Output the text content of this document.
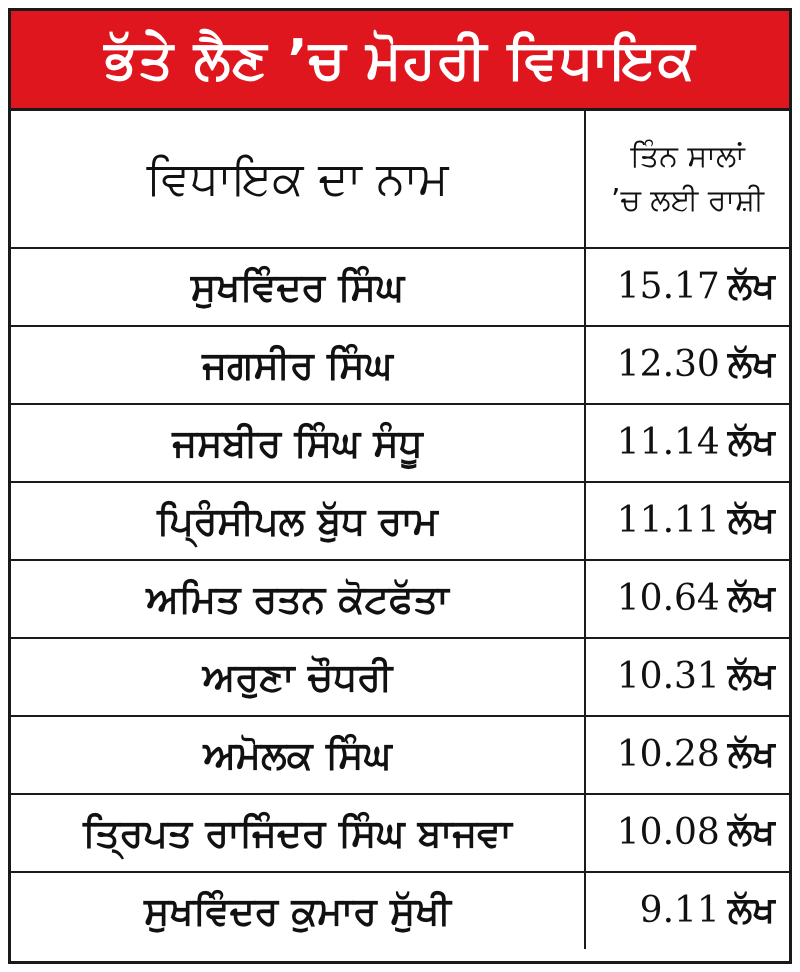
ਭੱਤੇ ਲੈਣ ’ਚ ਮੋਹਰੀ ਵਿਧਾਇਕ
ਵਿਧਾਇਕ ਦਾ ਨਾਮ	ਤਿੰਨ ਸਾਲਾਂ
’ਚ ਲਈ ਰਾਸ਼ੀ
ਸੁਖਵਿੰਦਰ ਸਿੰਘ	15.17 ਲੱਖ
ਜਗਸੀਰ ਸਿੰਘ	12.30 ਲੱਖ
ਜਸਬੀਰ ਸਿੰਘ ਸੰਧੂ	11.14 ਲੱਖ
ਪ੍ਰਿੰਸੀਪਲ ਬੁੱਧ ਰਾਮ	11.11 ਲੱਖ
ਅਮਿਤ ਰਤਨ ਕੋਟਫੱਤਾ	10.64 ਲੱਖ
ਅਰੁਣਾ ਚੌਧਰੀ	10.31 ਲੱਖ
ਅਮੋਲਕ ਸਿੰਘ	10.28 ਲੱਖ
ਤ੍ਰਿਪਤ ਰਾਜਿੰਦਰ ਸਿੰਘ ਬਾਜਵਾ	10.08 ਲੱਖ
ਸੁਖਵਿੰਦਰ ਕੁਮਾਰ ਸੁੱਖੀ	9.11 ਲੱਖ
